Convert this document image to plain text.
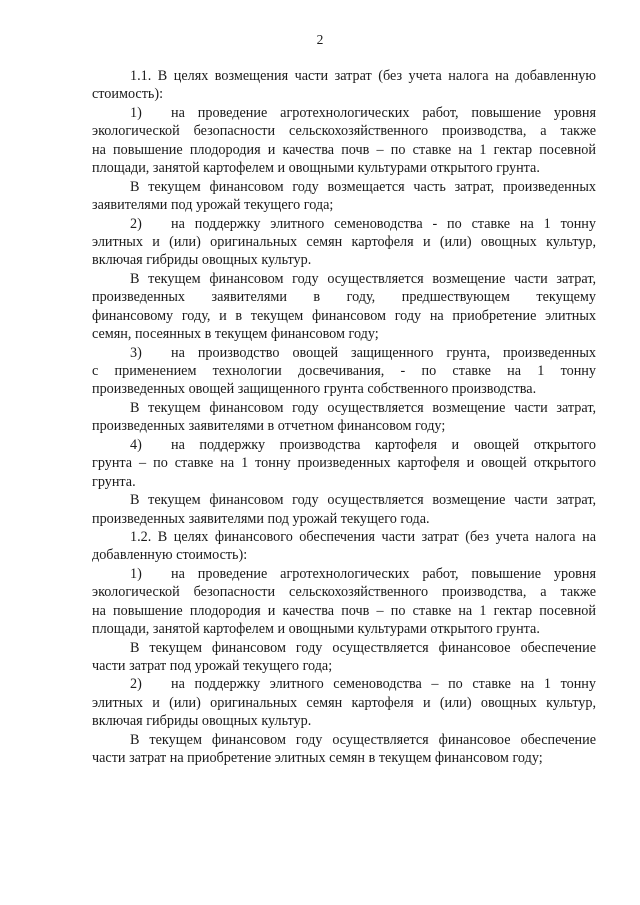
2
1.1. В целях возмещения части затрат (без учета налога на добавленную
стоимость):
1)	на проведение агротехнологических работ, повышение уровня
экологической безопасности сельскохозяйственного производства, а также
на повышение плодородия и качества почв – по ставке на 1 гектар посевной
площади, занятой картофелем и овощными культурами открытого грунта.
В текущем финансовом году возмещается часть затрат, произведенных
заявителями под урожай текущего года;
2)	на поддержку элитного семеноводства - по ставке на 1 тонну
элитных и (или) оригинальных семян картофеля и (или) овощных культур,
включая гибриды овощных культур.
В текущем финансовом году осуществляется возмещение части затрат,
произведенных заявителями в году, предшествующем текущему
финансовому году, и в текущем финансовом году на приобретение элитных
семян, посеянных в текущем финансовом году;
3)	на производство овощей защищенного грунта, произведенных
с применением технологии досвечивания, - по ставке на 1 тонну
произведенных овощей защищенного грунта собственного производства.
В текущем финансовом году осуществляется возмещение части затрат,
произведенных заявителями в отчетном финансовом году;
4)	на поддержку производства картофеля и овощей открытого
грунта – по ставке на 1 тонну произведенных картофеля и овощей открытого
грунта.
В текущем финансовом году осуществляется возмещение части затрат,
произведенных заявителями под урожай текущего года.
1.2. В целях финансового обеспечения части затрат (без учета налога на
добавленную стоимость):
1)	на проведение агротехнологических работ, повышение уровня
экологической безопасности сельскохозяйственного производства, а также
на повышение плодородия и качества почв – по ставке на 1 гектар посевной
площади, занятой картофелем и овощными культурами открытого грунта.
В текущем финансовом году осуществляется финансовое обеспечение
части затрат под урожай текущего года;
2)	на поддержку элитного семеноводства – по ставке на 1 тонну
элитных и (или) оригинальных семян картофеля и (или) овощных культур,
включая гибриды овощных культур.
В текущем финансовом году осуществляется финансовое обеспечение
части затрат на приобретение элитных семян в текущем финансовом году;
